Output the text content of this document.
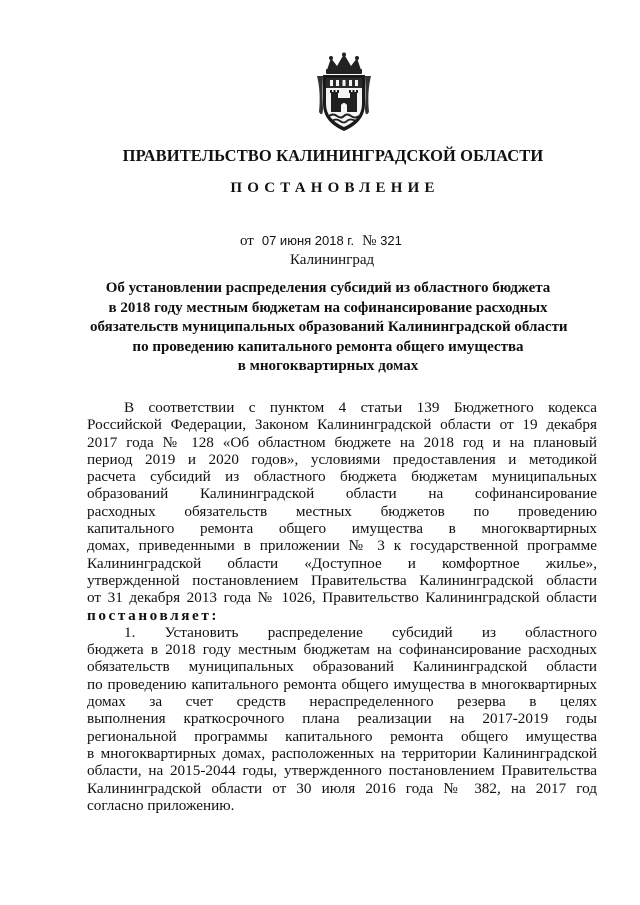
ПРАВИТЕЛЬСТВО КАЛИНИНГРАДСКОЙ ОБЛАСТИ
ПОСТАНОВЛЕНИЕ
от 07 июня 2018 г. № 321
Калининград
Об установлении распределения субсидий из областного бюджета
в 2018 году местным бюджетам на софинансирование расходных
обязательств муниципальных образований Калининградской области
по проведению капитального ремонта общего имущества
в многоквартирных домах
В соответствии с пунктом 4 статьи 139 Бюджетного кодекса
Российской Федерации, Законом Калининградской области от 19 декабря
2017 года № 128 «Об областном бюджете на 2018 год и на плановый
период 2019 и 2020 годов», условиями предоставления и методикой
расчета субсидий из областного бюджета бюджетам муниципальных
образований Калининградской области на софинансирование
расходных обязательств местных бюджетов по проведению
капитального ремонта общего имущества в многоквартирных
домах, приведенными в приложении № 3 к государственной программе
Калининградской области «Доступное и комфортное жилье»,
утвержденной постановлением Правительства Калининградской области
от 31 декабря 2013 года № 1026, Правительство Калининградской области
постановляет:
1. Установить распределение субсидий из областного
бюджета в 2018 году местным бюджетам на софинансирование расходных
обязательств муниципальных образований Калининградской области
по проведению капитального ремонта общего имущества в многоквартирных
домах за счет средств нераспределенного резерва в целях
выполнения краткосрочного плана реализации на 2017-2019 годы
региональной программы капитального ремонта общего имущества
в многоквартирных домах, расположенных на территории Калининградской
области, на 2015-2044 годы, утвержденного постановлением Правительства
Калининградской области от 30 июля 2016 года № 382, на 2017 год
согласно приложению.
